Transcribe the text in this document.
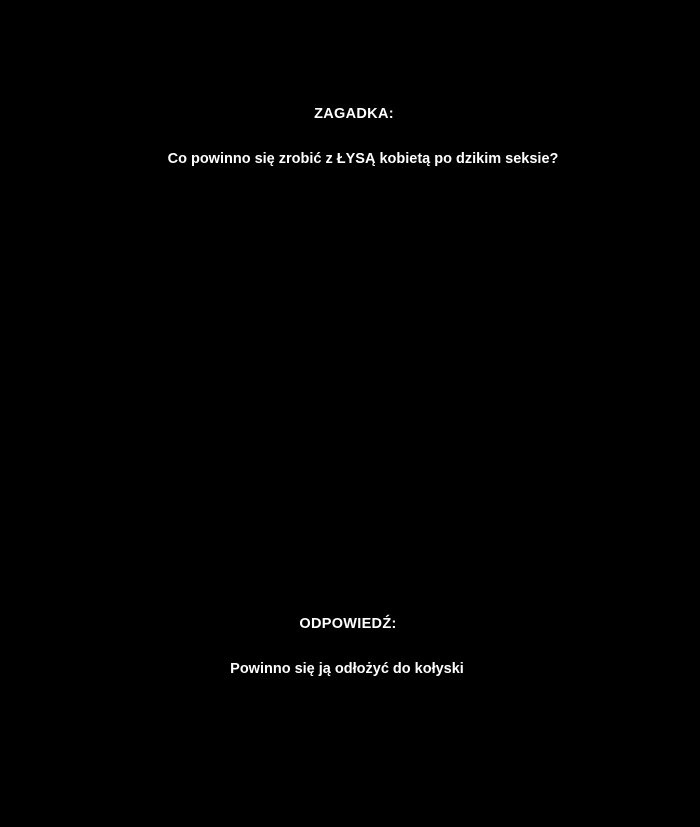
ZAGADKA:

Co powinno się zrobić z ŁYSĄ kobietą po dzikim seksie?

ODPOWIEDŹ:

Powinno się ją odłożyć do kołyski
